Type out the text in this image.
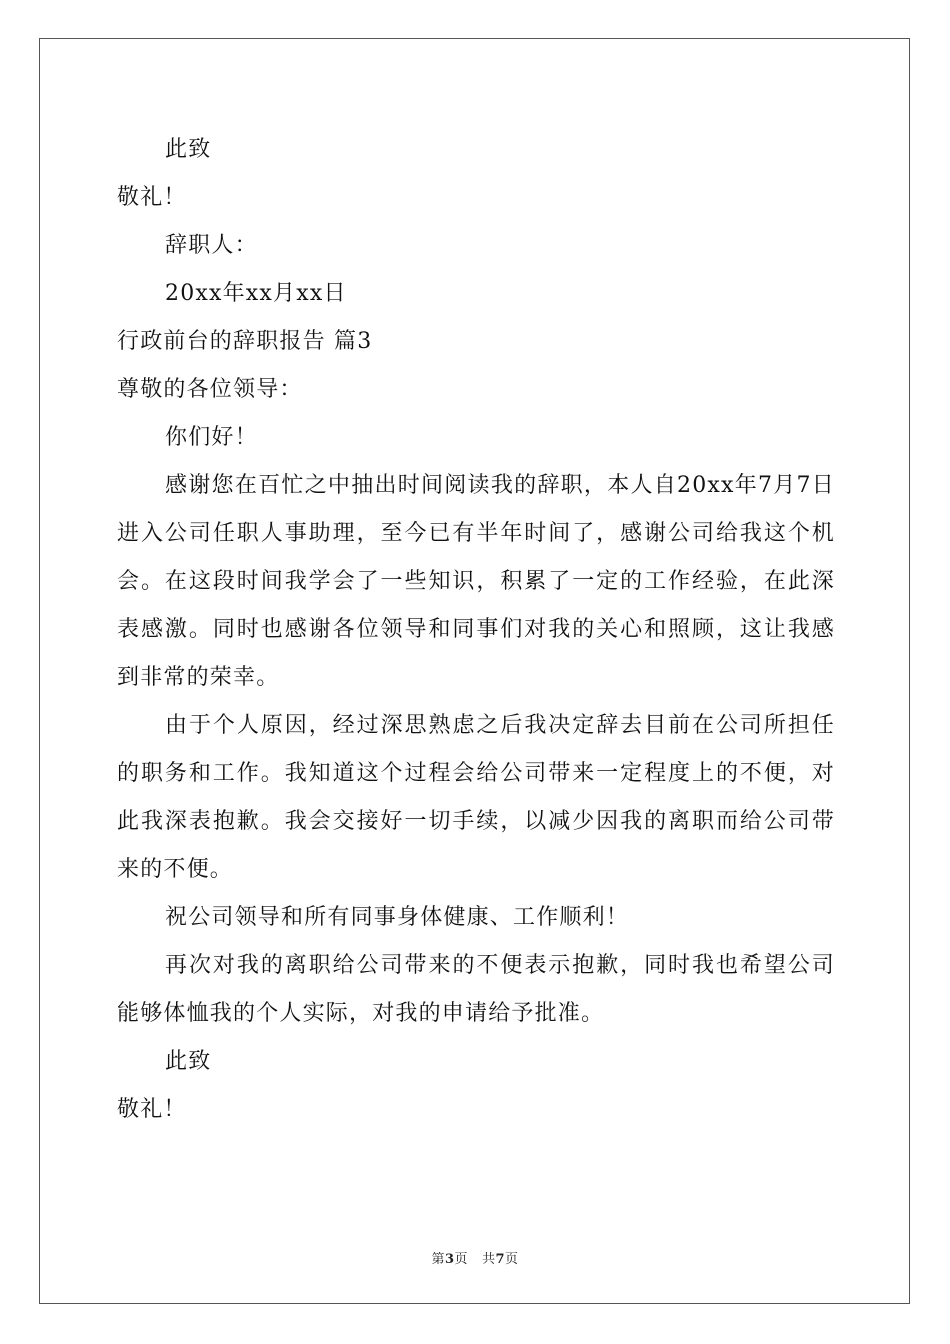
此致

敬礼！

辞职人：

20xx年xx月xx日

行政前台的辞职报告 篇3

尊敬的各位领导：

你们好！

感谢您在百忙之中抽出时间阅读我的辞职，本人自20xx年7月7日进入公司任职人事助理，至今已有半年时间了，感谢公司给我这个机会。在这段时间我学会了一些知识，积累了一定的工作经验，在此深表感激。同时也感谢各位领导和同事们对我的关心和照顾，这让我感到非常的荣幸。

由于个人原因，经过深思熟虑之后我决定辞去目前在公司所担任的职务和工作。我知道这个过程会给公司带来一定程度上的不便，对此我深表抱歉。我会交接好一切手续，以减少因我的离职而给公司带来的不便。

祝公司领导和所有同事身体健康、工作顺利！

再次对我的离职给公司带来的不便表示抱歉，同时我也希望公司能够体恤我的个人实际，对我的申请给予批准。

此致

敬礼！

第3页 共7页
